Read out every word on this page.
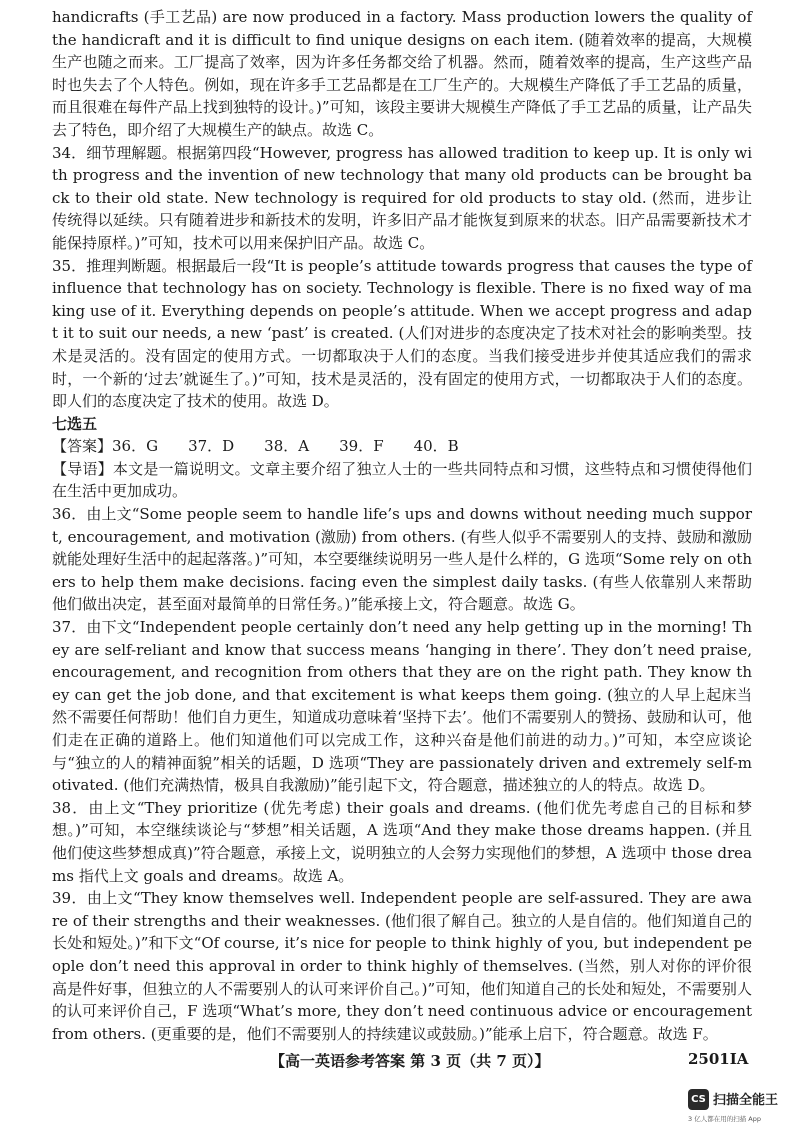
handicrafts (手工艺品) are now produced in a factory. Mass production lowers the quality of the handicraft and it is difficult to find unique designs on each item. (随着效率的提高，大规模生产也随之而来。工厂提高了效率，因为许多任务都交给了机器。然而，随着效率的提高，生产这些产品时也失去了个人特色。例如，现在许多手工艺品都是在工厂生产的。大规模生产降低了手工艺品的质量，而且很难在每件产品上找到独特的设计。)”可知，该段主要讲大规模生产降低了手工艺品的质量，让产品失去了特色，即介绍了大规模生产的缺点。故选 C。

34．细节理解题。根据第四段“However, progress has allowed tradition to keep up. It is only with progress and the invention of new technology that many old products can be brought back to their old state. New technology is required for old products to stay old. (然而，进步让传统得以延续。只有随着进步和新技术的发明，许多旧产品才能恢复到原来的状态。旧产品需要新技术才能保持原样。)”可知，技术可以用来保护旧产品。故选 C。

35．推理判断题。根据最后一段“It is people’s attitude towards progress that causes the type of influence that technology has on society. Technology is flexible. There is no fixed way of making use of it. Everything depends on people’s attitude. When we accept progress and adapt it to suit our needs, a new ‘past’ is created. (人们对进步的态度决定了技术对社会的影响类型。技术是灵活的。没有固定的使用方式。一切都取决于人们的态度。当我们接受进步并使其适应我们的需求时，一个新的‘过去’就诞生了。)”可知，技术是灵活的，没有固定的使用方式，一切都取决于人们的态度。即人们的态度决定了技术的使用。故选 D。

七选五

【答案】36．G　　37．D　　38．A　　39．F　　40．B

【导语】本文是一篇说明文。文章主要介绍了独立人士的一些共同特点和习惯，这些特点和习惯使得他们在生活中更加成功。

36．由上文“Some people seem to handle life’s ups and downs without needing much support, encouragement, and motivation (激励) from others. (有些人似乎不需要别人的支持、鼓励和激励就能处理好生活中的起起落落。)”可知，本空要继续说明另一些人是什么样的，G 选项“Some rely on others to help them make decisions. facing even the simplest daily tasks. (有些人依靠别人来帮助他们做出决定，甚至面对最简单的日常任务。)”能承接上文，符合题意。故选 G。

37．由下文“Independent people certainly don’t need any help getting up in the morning! They are self-reliant and know that success means ‘hanging in there’. They don’t need praise, encouragement, and recognition from others that they are on the right path. They know they can get the job done, and that excitement is what keeps them going. (独立的人早上起床当然不需要任何帮助！他们自力更生，知道成功意味着‘坚持下去’。他们不需要别人的赞扬、鼓励和认可，他们走在正确的道路上。他们知道他们可以完成工作，这种兴奋是他们前进的动力。)”可知，本空应谈论与“独立的人的精神面貌”相关的话题，D 选项“They are passionately driven and extremely self-motivated. (他们充满热情，极具自我激励)”能引起下文，符合题意，描述独立的人的特点。故选 D。

38．由上文“They prioritize (优先考虑) their goals and dreams. (他们优先考虑自己的目标和梦想。)”可知，本空继续谈论与“梦想”相关话题，A 选项“And they make those dreams happen. (并且他们使这些梦想成真)”符合题意，承接上文，说明独立的人会努力实现他们的梦想，A 选项中 those dreams 指代上文 goals and dreams。故选 A。

39．由上文“They know themselves well. Independent people are self-assured. They are aware of their strengths and their weaknesses. (他们很了解自己。独立的人是自信的。他们知道自己的长处和短处。)”和下文“Of course, it’s nice for people to think highly of you, but independent people don’t need this approval in order to think highly of themselves. (当然，别人对你的评价很高是件好事，但独立的人不需要别人的认可来评价自己。)”可知，他们知道自己的长处和短处，不需要别人的认可来评价自己，F 选项“What’s more, they don’t need continuous advice or encouragement from others. (更重要的是，他们不需要别人的持续建议或鼓励。)”能承上启下，符合题意。故选 F。

【高一英语参考答案 第 3 页（共 7 页）】	2501IA
CS 扫描全能王
3 亿人都在用的扫描 App
